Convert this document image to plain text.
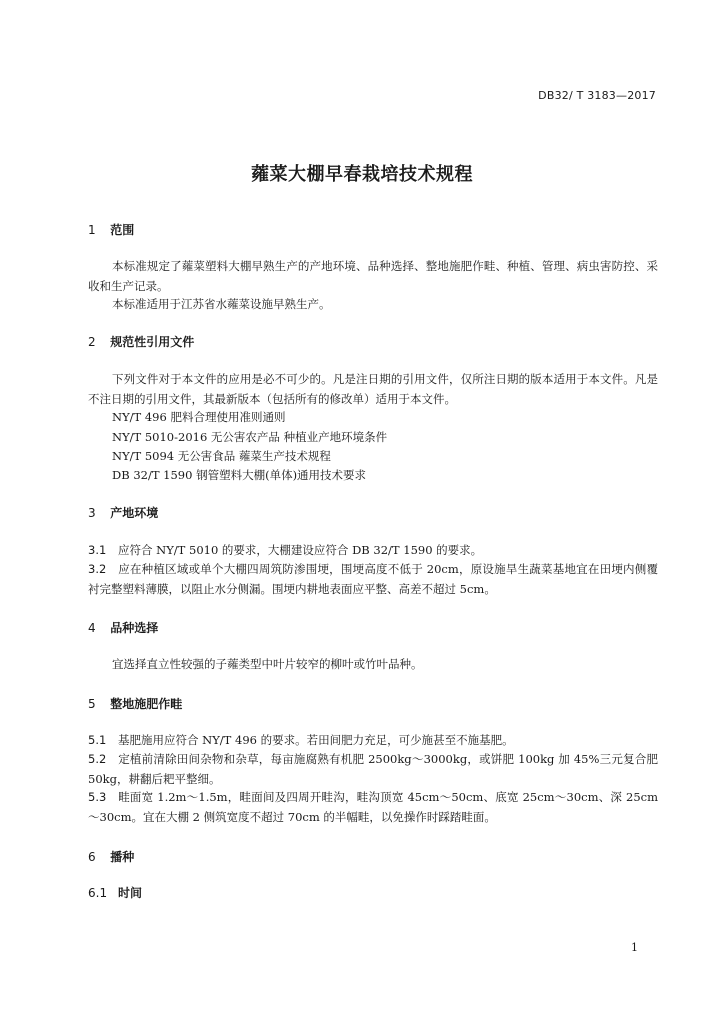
DB32/ T 3183—2017
蕹菜大棚早春栽培技术规程
1 范围
本标准规定了蕹菜塑料大棚早熟生产的产地环境、品种选择、整地施肥作畦、种植、管理、病虫害防控、采收和生产记录。
本标准适用于江苏省水蕹菜设施早熟生产。
2 规范性引用文件
下列文件对于本文件的应用是必不可少的。凡是注日期的引用文件，仅所注日期的版本适用于本文件。凡是不注日期的引用文件，其最新版本（包括所有的修改单）适用于本文件。
NY/T 496 肥料合理使用准则通则
NY/T 5010-2016 无公害农产品 种植业产地环境条件
NY/T 5094 无公害食品 蕹菜生产技术规程
DB 32/T 1590 钢管塑料大棚(单体)通用技术要求
3 产地环境
3.1 应符合 NY/T 5010 的要求，大棚建设应符合 DB 32/T 1590 的要求。
3.2 应在种植区域或单个大棚四周筑防渗围埂，围埂高度不低于 20cm，原设施旱生蔬菜基地宜在田埂内侧覆衬完整塑料薄膜，以阻止水分侧漏。围埂内耕地表面应平整、高差不超过 5cm。
4 品种选择
宜选择直立性较强的子蕹类型中叶片较窄的柳叶或竹叶品种。
5 整地施肥作畦
5.1 基肥施用应符合 NY/T 496 的要求。若田间肥力充足，可少施甚至不施基肥。
5.2 定植前清除田间杂物和杂草，每亩施腐熟有机肥 2500kg～3000kg，或饼肥 100kg 加 45%三元复合肥 50kg，耕翻后耙平整细。
5.3 畦面宽 1.2m～1.5m，畦面间及四周开畦沟，畦沟顶宽 45cm～50cm、底宽 25cm～30cm、深 25cm～30cm。宜在大棚 2 侧筑宽度不超过 70cm 的半幅畦，以免操作时踩踏畦面。
6 播种
6.1 时间
1
